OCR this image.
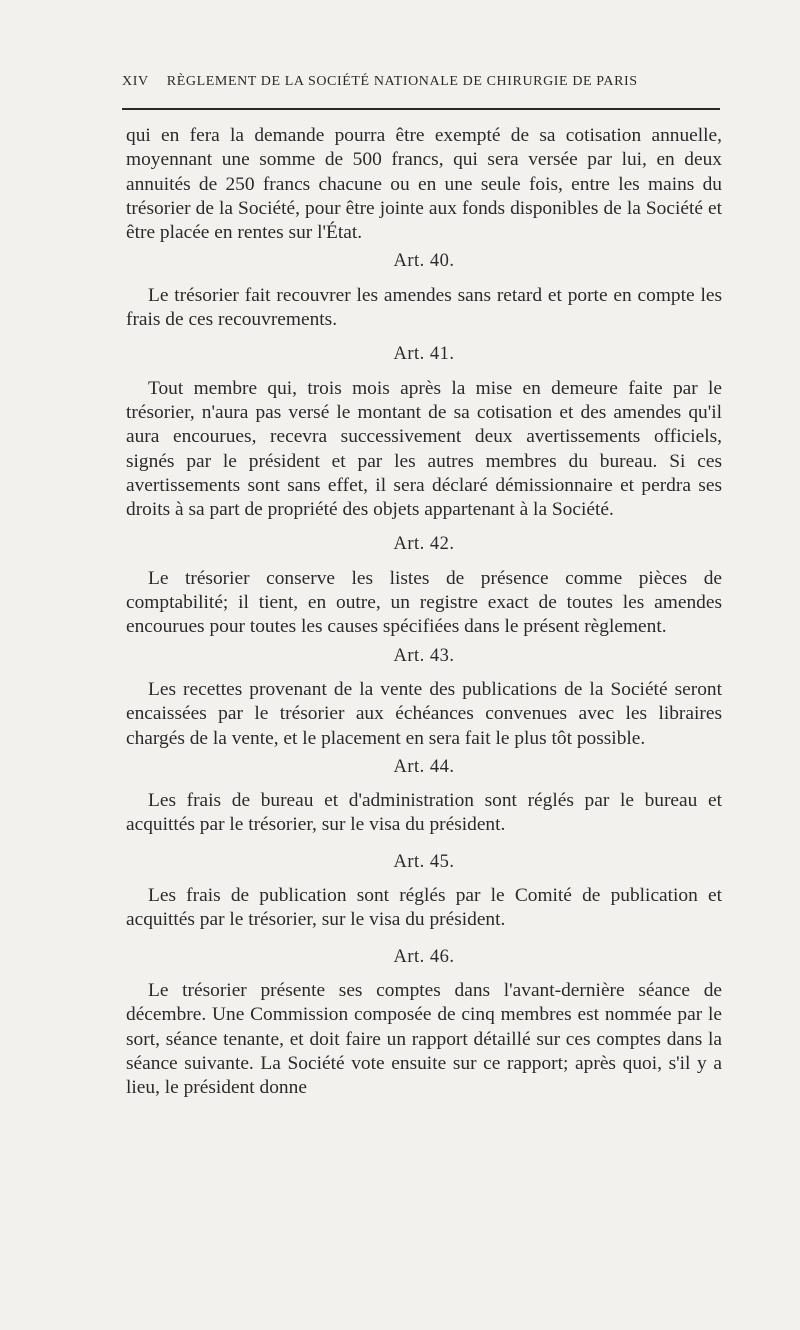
XIV RÈGLEMENT DE LA SOCIÉTÉ NATIONALE DE CHIRURGIE DE PARIS

qui en fera la demande pourra être exempté de sa cotisation annuelle, moyennant une somme de 500 francs, qui sera versée par lui, en deux annuités de 250 francs chacune ou en une seule fois, entre les mains du trésorier de la Société, pour être jointe aux fonds disponibles de la Société et être placée en rentes sur l'État.

Art. 40.

Le trésorier fait recouvrer les amendes sans retard et porte en compte les frais de ces recouvrements.

Art. 41.

Tout membre qui, trois mois après la mise en demeure faite par le trésorier, n'aura pas versé le montant de sa cotisation et des amendes qu'il aura encourues, recevra successivement deux avertissements officiels, signés par le président et par les autres membres du bureau. Si ces avertissements sont sans effet, il sera déclaré démissionnaire et perdra ses droits à sa part de propriété des objets appartenant à la Société.

Art. 42.

Le trésorier conserve les listes de présence comme pièces de comptabilité; il tient, en outre, un registre exact de toutes les amendes encourues pour toutes les causes spécifiées dans le présent règlement.

Art. 43.

Les recettes provenant de la vente des publications de la Société seront encaissées par le trésorier aux échéances convenues avec les libraires chargés de la vente, et le placement en sera fait le plus tôt possible.

Art. 44.

Les frais de bureau et d'administration sont réglés par le bureau et acquittés par le trésorier, sur le visa du président.

Art. 45.

Les frais de publication sont réglés par le Comité de publication et acquittés par le trésorier, sur le visa du président.

Art. 46.

Le trésorier présente ses comptes dans l'avant-dernière séance de décembre. Une Commission composée de cinq membres est nommée par le sort, séance tenante, et doit faire un rapport détaillé sur ces comptes dans la séance suivante. La Société vote ensuite sur ce rapport; après quoi, s'il y a lieu, le président donne
